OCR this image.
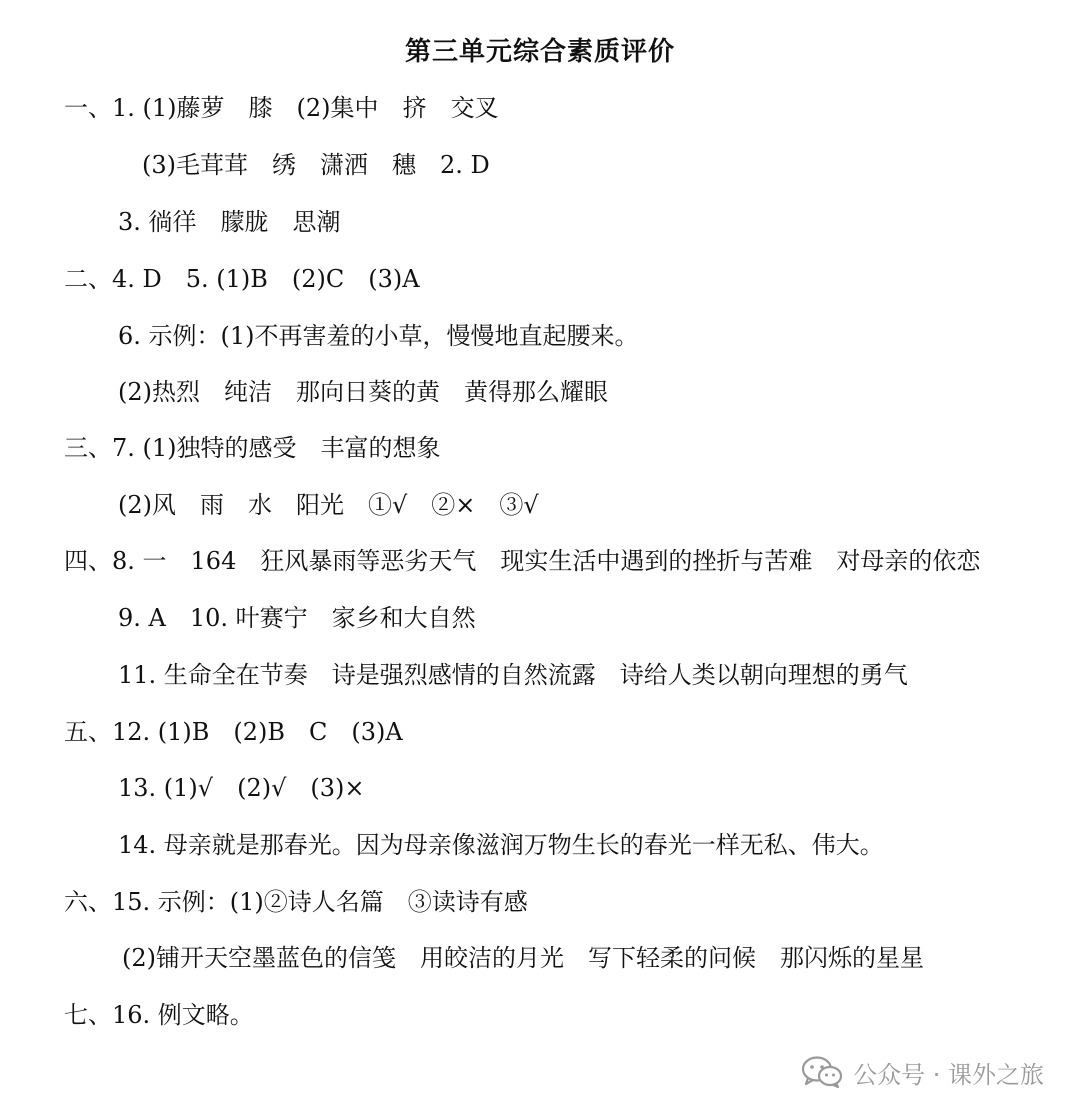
第三单元综合素质评价
一、1. (1)藤萝　膝　(2)集中　挤　交叉
(3)毛茸茸　绣　潇洒　穗　2. D
3. 徜徉　朦胧　思潮
二、4. D　5. (1)B　(2)C　(3)A
6. 示例：(1)不再害羞的小草，慢慢地直起腰来。
(2)热烈　纯洁　那向日葵的黄　黄得那么耀眼
三、7. (1)独特的感受　丰富的想象
(2)风　雨　水　阳光　①√　②×　③√
四、8. 一　164　狂风暴雨等恶劣天气　现实生活中遇到的挫折与苦难　对母亲的依恋
9. A　10. 叶赛宁　家乡和大自然
11. 生命全在节奏　诗是强烈感情的自然流露　诗给人类以朝向理想的勇气
五、12. (1)B　(2)B　C　(3)A
13. (1)√　(2)√　(3)×
14. 母亲就是那春光。因为母亲像滋润万物生长的春光一样无私、伟大。
六、15. 示例：(1)②诗人名篇　③读诗有感
(2)铺开天空墨蓝色的信笺　用皎洁的月光　写下轻柔的问候　那闪烁的星星
七、16. 例文略。
公众号 · 课外之旅
